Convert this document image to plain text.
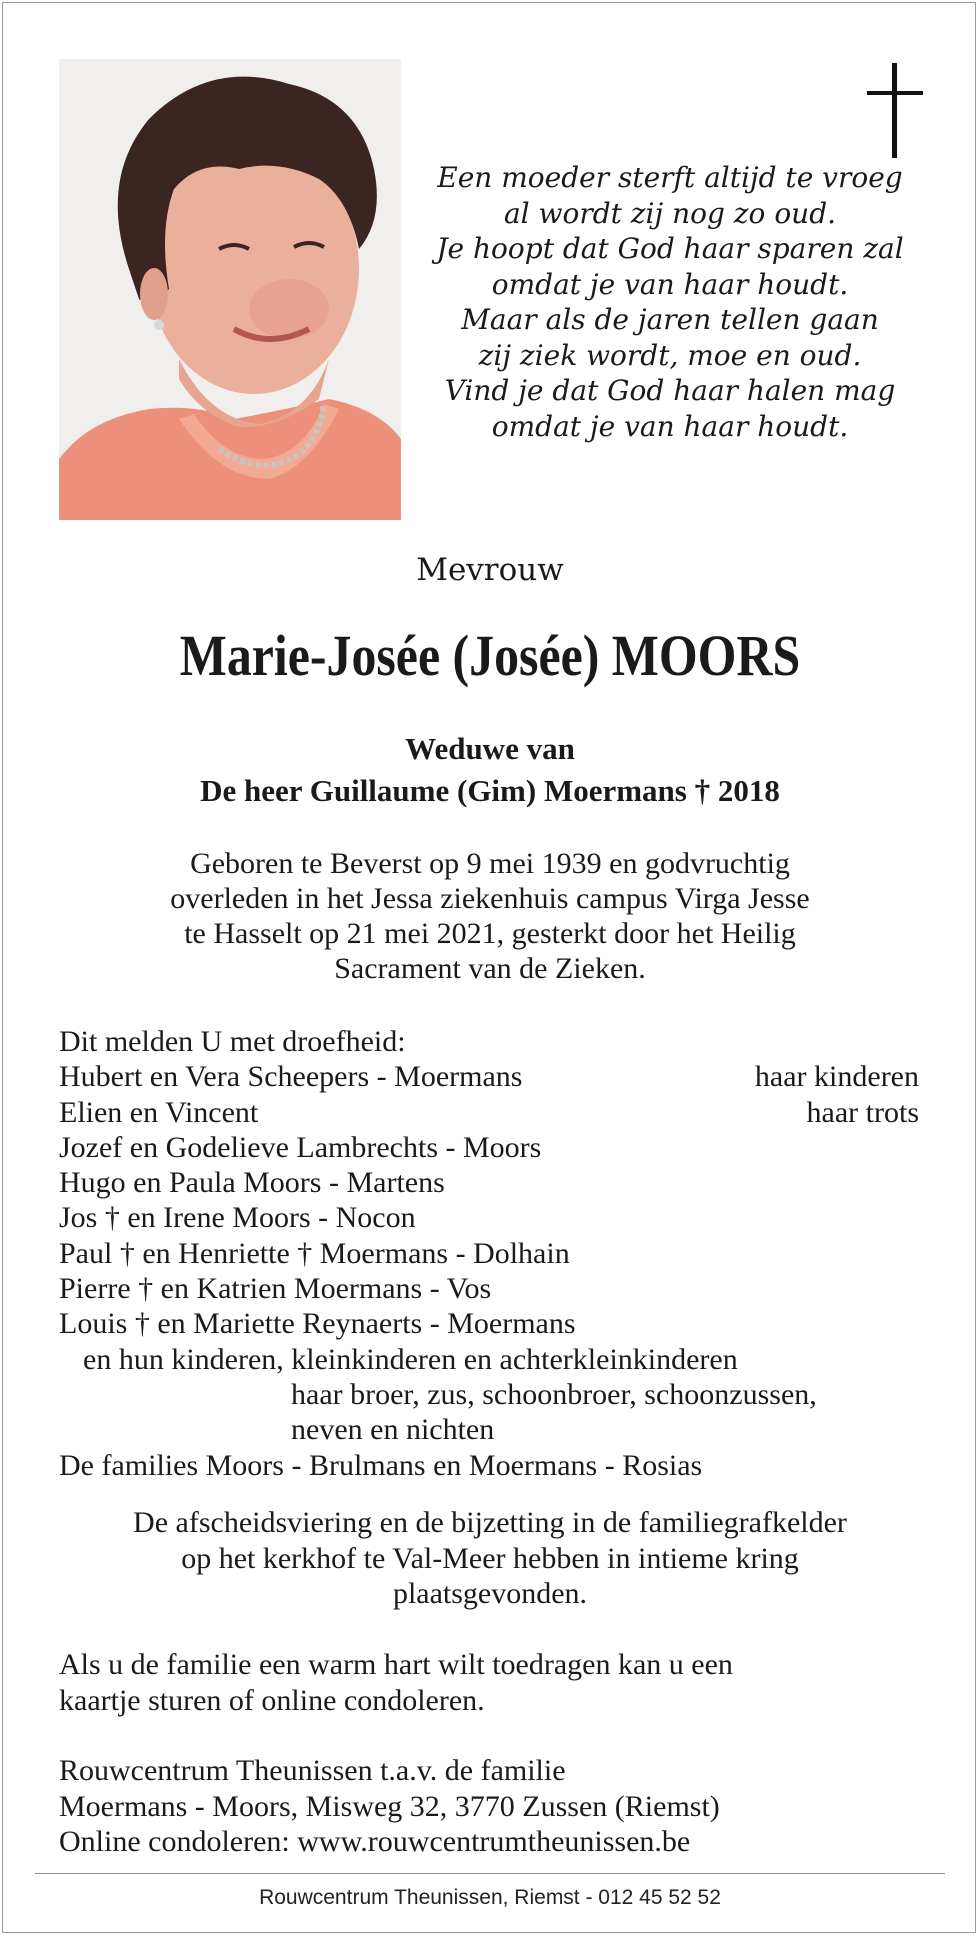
Een moeder sterft altijd te vroeg
al wordt zij nog zo oud.
Je hoopt dat God haar sparen zal
omdat je van haar houdt.
Maar als de jaren tellen gaan
zij ziek wordt, moe en oud.
Vind je dat God haar halen mag
omdat je van haar houdt.
Mevrouw
Marie-Josée (Josée) MOORS
Weduwe van
De heer Guillaume (Gim) Moermans † 2018
Geboren te Beverst op 9 mei 1939 en godvruchtig
overleden in het Jessa ziekenhuis campus Virga Jesse
te Hasselt op 21 mei 2021, gesterkt door het Heilig
Sacrament van de Zieken.
Dit melden U met droefheid:
Hubert en Vera Scheepers - Moermans	haar kinderen
Elien en Vincent	haar trots
Jozef en Godelieve Lambrechts - Moors
Hugo en Paula Moors - Martens
Jos † en Irene Moors - Nocon
Paul † en Henriette † Moermans - Dolhain
Pierre † en Katrien Moermans - Vos
Louis † en Mariette Reynaerts - Moermans
en hun kinderen, kleinkinderen en achterkleinkinderen
haar broer, zus, schoonbroer, schoonzussen,
neven en nichten
De families Moors - Brulmans en Moermans - Rosias
De afscheidsviering en de bijzetting in de familiegrafkelder
op het kerkhof te Val-Meer hebben in intieme kring
plaatsgevonden.
Als u de familie een warm hart wilt toedragen kan u een
kaartje sturen of online condoleren.
Rouwcentrum Theunissen t.a.v. de familie
Moermans - Moors, Misweg 32, 3770 Zussen (Riemst)
Online condoleren: www.rouwcentrumtheunissen.be
Rouwcentrum Theunissen, Riemst - 012 45 52 52
